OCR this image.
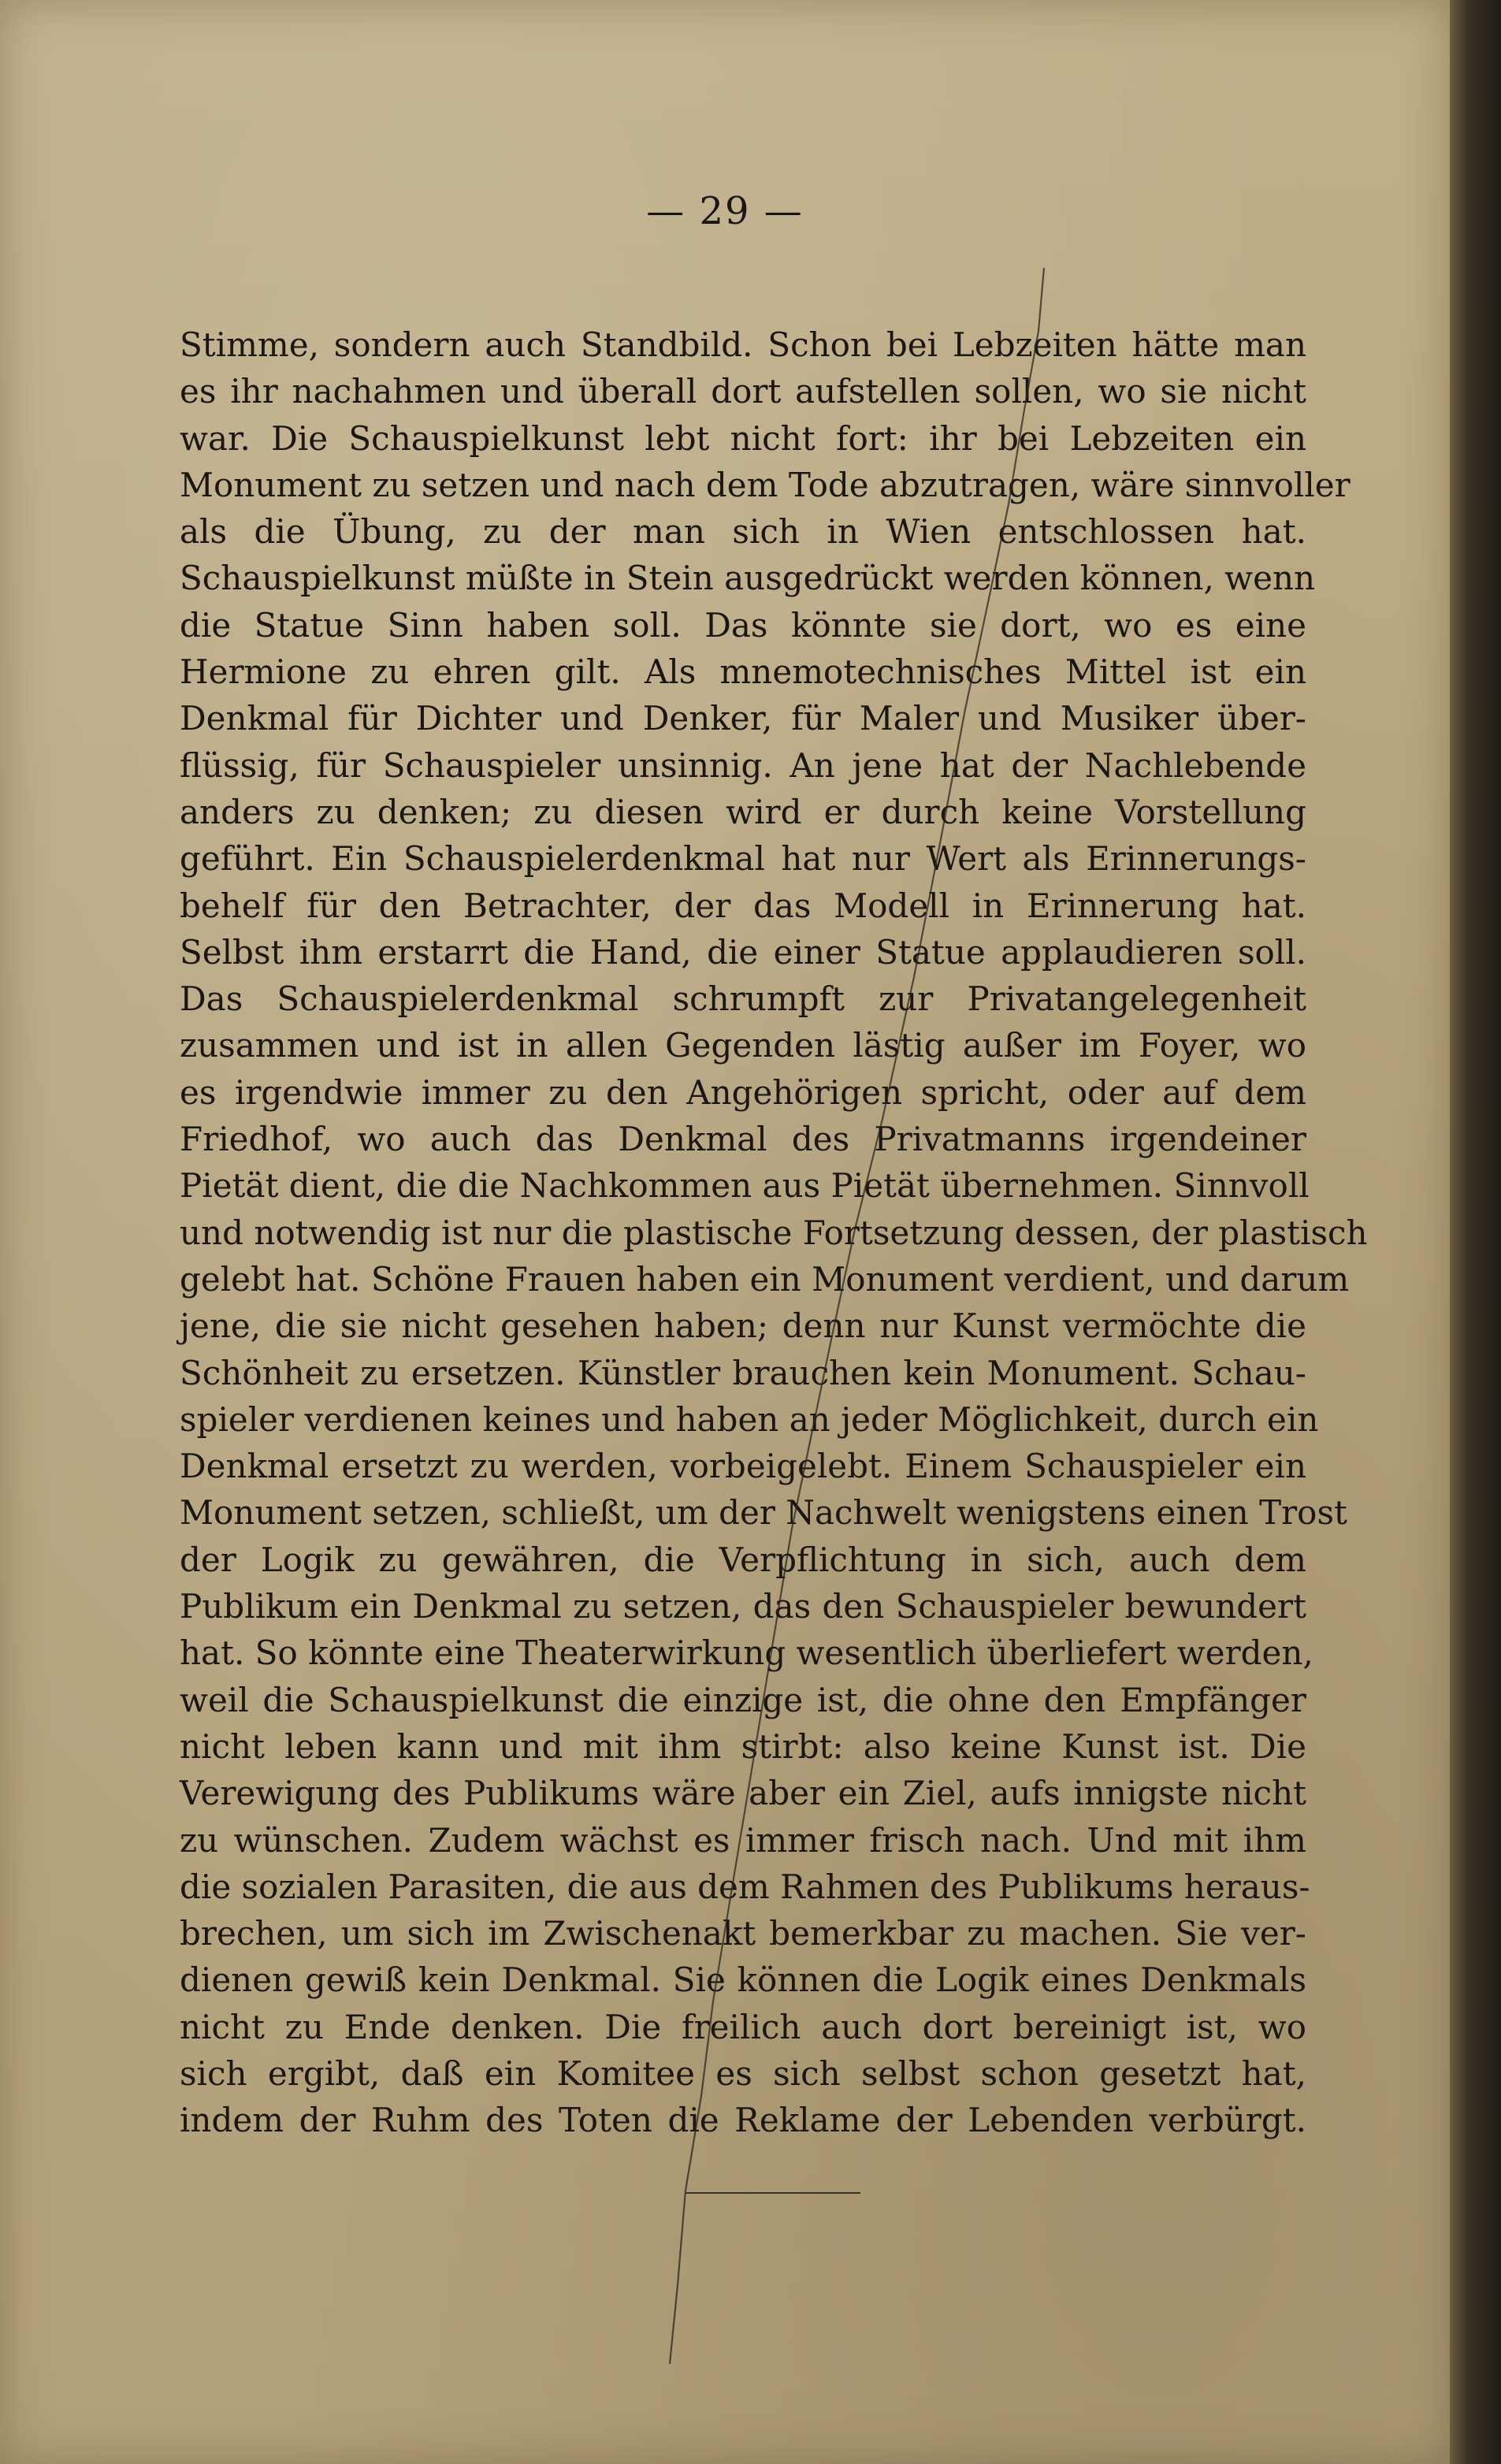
— 29 —
Stimme, sondern auch Standbild. Schon bei Lebzeiten hätte man
es ihr nachahmen und überall dort aufstellen sollen, wo sie nicht
war. Die Schauspielkunst lebt nicht fort: ihr bei Lebzeiten ein
Monument zu setzen und nach dem Tode abzutragen, wäre sinnvoller
als die Übung, zu der man sich in Wien entschlossen hat.
Schauspielkunst müßte in Stein ausgedrückt werden können, wenn
die Statue Sinn haben soll. Das könnte sie dort, wo es eine
Hermione zu ehren gilt. Als mnemotechnisches Mittel ist ein
Denkmal für Dichter und Denker, für Maler und Musiker über-
flüssig, für Schauspieler unsinnig. An jene hat der Nachlebende
anders zu denken; zu diesen wird er durch keine Vorstellung
geführt. Ein Schauspielerdenkmal hat nur Wert als Erinnerungs-
behelf für den Betrachter, der das Modell in Erinnerung hat.
Selbst ihm erstarrt die Hand, die einer Statue applaudieren soll.
Das Schauspielerdenkmal schrumpft zur Privatangelegenheit
zusammen und ist in allen Gegenden lästig außer im Foyer, wo
es irgendwie immer zu den Angehörigen spricht, oder auf dem
Friedhof, wo auch das Denkmal des Privatmanns irgendeiner
Pietät dient, die die Nachkommen aus Pietät übernehmen. Sinnvoll
und notwendig ist nur die plastische Fortsetzung dessen, der plastisch
gelebt hat. Schöne Frauen haben ein Monument verdient, und darum
jene, die sie nicht gesehen haben; denn nur Kunst vermöchte die
Schönheit zu ersetzen. Künstler brauchen kein Monument. Schau-
spieler verdienen keines und haben an jeder Möglichkeit, durch ein
Denkmal ersetzt zu werden, vorbeigelebt. Einem Schauspieler ein
Monument setzen, schließt, um der Nachwelt wenigstens einen Trost
der Logik zu gewähren, die Verpflichtung in sich, auch dem
Publikum ein Denkmal zu setzen, das den Schauspieler bewundert
hat. So könnte eine Theaterwirkung wesentlich überliefert werden,
weil die Schauspielkunst die einzige ist, die ohne den Empfänger
nicht leben kann und mit ihm stirbt: also keine Kunst ist. Die
Verewigung des Publikums wäre aber ein Ziel, aufs innigste nicht
zu wünschen. Zudem wächst es immer frisch nach. Und mit ihm
die sozialen Parasiten, die aus dem Rahmen des Publikums heraus-
brechen, um sich im Zwischenakt bemerkbar zu machen. Sie ver-
dienen gewiß kein Denkmal. Sie können die Logik eines Denkmals
nicht zu Ende denken. Die freilich auch dort bereinigt ist, wo
sich ergibt, daß ein Komitee es sich selbst schon gesetzt hat,
indem der Ruhm des Toten die Reklame der Lebenden verbürgt.
